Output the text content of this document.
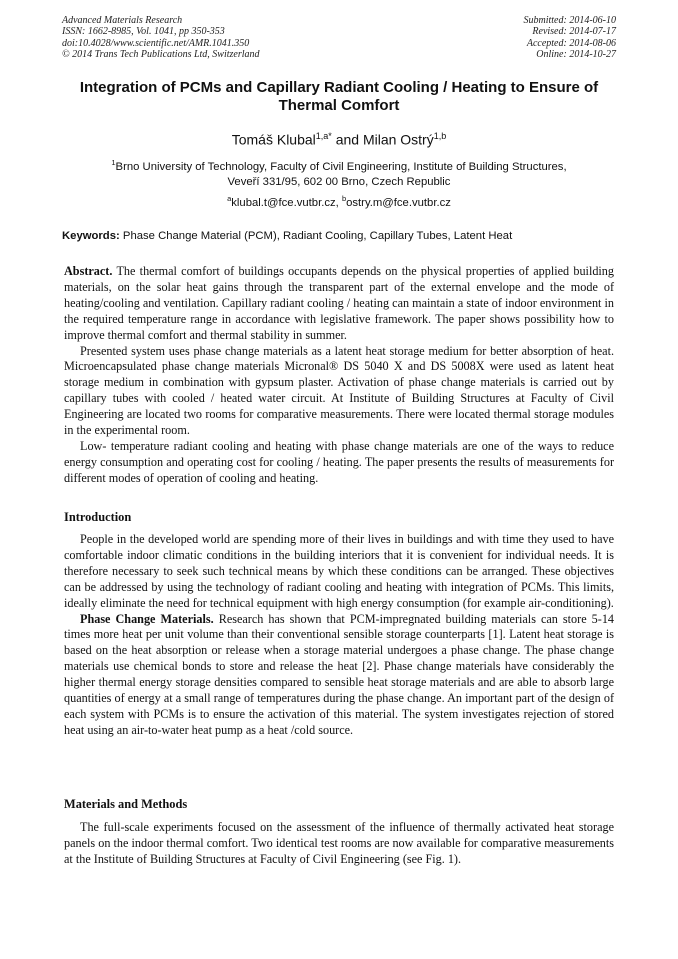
Advanced Materials Research
ISSN: 1662-8985, Vol. 1041, pp 350-353
doi:10.4028/www.scientific.net/AMR.1041.350
© 2014 Trans Tech Publications Ltd, Switzerland
Submitted: 2014-06-10
Revised: 2014-07-17
Accepted: 2014-08-06
Online: 2014-10-27
Integration of PCMs and Capillary Radiant Cooling / Heating to Ensure of Thermal Comfort
Tomáš Klubal$^{1,a*}$ and Milan Ostrý$^{1,b}$
$^1$Brno University of Technology, Faculty of Civil Engineering, Institute of Building Structures,
Veveří 331/95, 602 00 Brno, Czech Republic
$^a$klubal.t@fce.vutbr.cz, $^b$ostry.m@fce.vutbr.cz
Keywords: Phase Change Material (PCM), Radiant Cooling, Capillary Tubes, Latent Heat

Abstract. The thermal comfort of buildings occupants depends on the physical properties of applied building materials, on the solar heat gains through the transparent part of the external envelope and the mode of heating/cooling and ventilation. Capillary radiant cooling / heating can maintain a state of indoor environment in the required temperature range in accordance with legislative framework. The paper shows possibility how to improve thermal comfort and thermal stability in summer.

Presented system uses phase change materials as a latent heat storage medium for better absorption of heat. Microencapsulated phase change materials Micronal® DS 5040 X and DS 5008X were used as latent heat storage medium in combination with gypsum plaster. Activation of phase change materials is carried out by capillary tubes with cooled / heated water circuit. At Institute of Building Structures at Faculty of Civil Engineering are located two rooms for comparative measurements. There were located thermal storage modules in the experimental room.

Low- temperature radiant cooling and heating with phase change materials are one of the ways to reduce energy consumption and operating cost for cooling / heating. The paper presents the results of measurements for different modes of operation of cooling and heating.

Introduction

People in the developed world are spending more of their lives in buildings and with time they used to have comfortable indoor climatic conditions in the building interiors that it is convenient for individual needs. It is therefore necessary to seek such technical means by which these conditions can be arranged. These objectives can be addressed by using the technology of radiant cooling and heating with integration of PCMs. This limits, ideally eliminate the need for technical equipment with high energy consumption (for example air-conditioning).

Phase Change Materials. Research has shown that PCM-impregnated building materials can store 5-14 times more heat per unit volume than their conventional sensible storage counterparts [1]. Latent heat storage is based on the heat absorption or release when a storage material undergoes a phase change. The phase change materials use chemical bonds to store and release the heat [2]. Phase change materials have considerably the higher thermal energy storage densities compared to sensible heat storage materials and are able to absorb large quantities of energy at a small range of temperatures during the phase change. An important part of the design of each system with PCMs is to ensure the activation of this material. The system investigates rejection of stored heat using an air-to-water heat pump as a heat /cold source.

Materials and Methods

The full-scale experiments focused on the assessment of the influence of thermally activated heat storage panels on the indoor thermal comfort. Two identical test rooms are now available for comparative measurements at the Institute of Building Structures at Faculty of Civil Engineering (see Fig. 1).
